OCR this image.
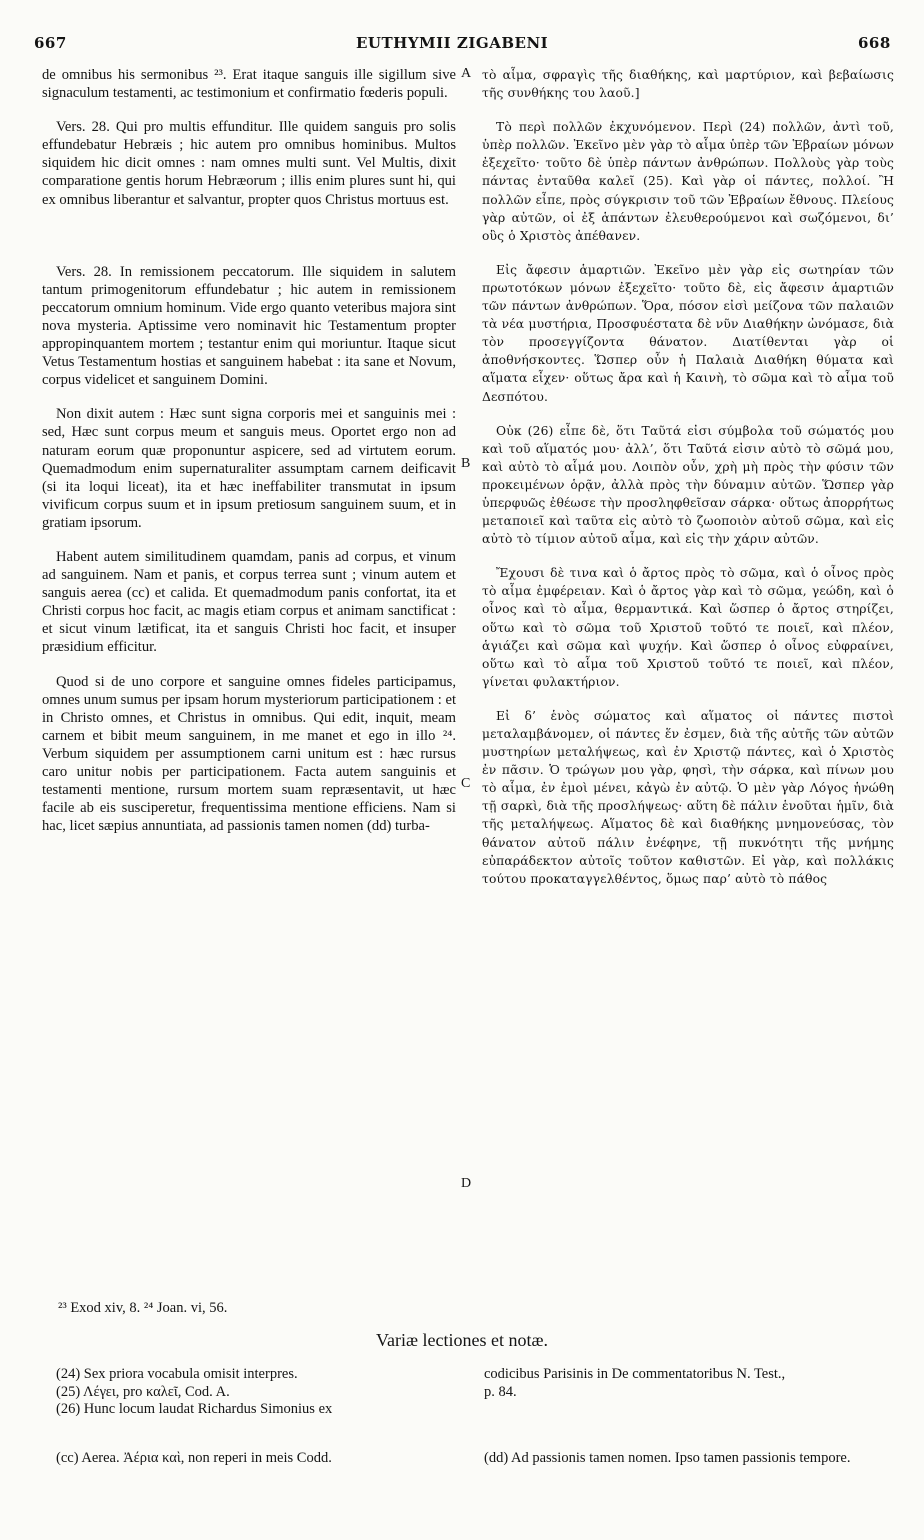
667	EUTHYMII ZIGABENI	668
A
B
C
D

de omnibus his sermonibus ²³. Erat itaque sanguis ille sigillum sive signaculum testamenti, ac testimonium et confirmatio fœderis populi.

Vers. 28. Qui pro multis effunditur. Ille quidem sanguis pro solis effundebatur Hebræis ; hic autem pro omnibus hominibus. Multos siquidem hic dicit omnes : nam omnes multi sunt. Vel Multis, dixit comparatione gentis horum Hebræorum ; illis enim plures sunt hi, qui ex omnibus liberantur et salvantur, propter quos Christus mortuus est.

Vers. 28. In remissionem peccatorum. Ille siquidem in salutem tantum primogenitorum effundebatur ; hic autem in remissionem peccatorum omnium hominum. Vide ergo quanto veteribus majora sint nova mysteria. Aptissime vero nominavit hic Testamentum propter appropinquantem mortem ; testantur enim qui moriuntur. Itaque sicut Vetus Testamentum hostias et sanguinem habebat : ita sane et Novum, corpus videlicet et sanguinem Domini.

Non dixit autem : Hæc sunt signa corporis mei et sanguinis mei : sed, Hæc sunt corpus meum et sanguis meus. Oportet ergo non ad naturam eorum quæ proponuntur aspicere, sed ad virtutem eorum. Quemadmodum enim supernaturaliter assumptam carnem deificavit (si ita loqui liceat), ita et hæc ineffabiliter transmutat in ipsum vivificum corpus suum et in ipsum pretiosum sanguinem suum, et in gratiam ipsorum.

Habent autem similitudinem quamdam, panis ad corpus, et vinum ad sanguinem. Nam et panis, et corpus terrea sunt ; vinum autem et sanguis aerea (cc) et calida. Et quemadmodum panis confortat, ita et Christi corpus hoc facit, ac magis etiam corpus et animam sanctificat : et sicut vinum lætificat, ita et sanguis Christi hoc facit, et insuper præsidium efficitur.

Quod si de uno corpore et sanguine omnes fideles participamus, omnes unum sumus per ipsam horum mysteriorum participationem : et in Christo omnes, et Christus in omnibus. Qui edit, inquit, meam carnem et bibit meum sanguinem, in me manet et ego in illo ²⁴. Verbum siquidem per assumptionem carni unitum est : hæc rursus caro unitur nobis per participationem. Facta autem sanguinis et testamenti mentione, rursum mortem suam repræsentavit, ut hæc facile ab eis susciperetur, frequentissima mentione efficiens. Nam si hac, licet sæpius annuntiata, ad passionis tamen nomen (dd) turba-

τὸ αἷμα, σφραγὶς τῆς διαθήκης, καὶ μαρτύριον, καὶ βεβαίωσις τῆς συνθήκης του λαοῦ.]

Τὸ περὶ πολλῶν ἐκχυνόμενον. Περὶ (24) πολλῶν, ἀντὶ τοῦ, ὑπὲρ πολλῶν. Ἐκεῖνο μὲν γὰρ τὸ αἷμα ὑπὲρ τῶν Ἑβραίων μόνων ἐξεχεῖτο· τοῦτο δὲ ὑπὲρ πάντων ἀνθρώπων. Πολλοὺς γὰρ τοὺς πάντας ἐνταῦθα καλεῖ (25). Καὶ γὰρ οἱ πάντες, πολλοί. Ἢ πολλῶν εἶπε, πρὸς σύγκρισιν τοῦ τῶν Ἑβραίων ἔθνους. Πλείους γὰρ αὐτῶν, οἱ ἐξ ἁπάντων ἐλευθερούμενοι καὶ σωζόμενοι, δι’ οὓς ὁ Χριστὸς ἀπέθανεν.

Εἰς ἄφεσιν ἁμαρτιῶν. Ἐκεῖνο μὲν γὰρ εἰς σωτηρίαν τῶν πρωτοτόκων μόνων ἐξεχεῖτο· τοῦτο δὲ, εἰς ἄφεσιν ἁμαρτιῶν τῶν πάντων ἀνθρώπων. Ὅρα, πόσον εἰσὶ μείζονα τῶν παλαιῶν τὰ νέα μυστήρια, Προσφυέστατα δὲ νῦν Διαθήκην ὠνόμασε, διὰ τὸν προσεγγίζοντα θάνατον. Διατίθενται γὰρ οἱ ἀποθνήσκοντες. Ὥσπερ οὖν ἡ Παλαιὰ Διαθήκη θύματα καὶ αἵματα εἶχεν· οὕτως ἄρα καὶ ἡ Καινὴ, τὸ σῶμα καὶ τὸ αἷμα τοῦ Δεσπότου.

Οὐκ (26) εἶπε δὲ, ὅτι Ταῦτά εἰσι σύμβολα τοῦ σώματός μου καὶ τοῦ αἵματός μου· ἀλλ’, ὅτι Ταῦτά εἰσιν αὐτὸ τὸ σῶμά μου, καὶ αὐτὸ τὸ αἷμά μου. Λοιπὸν οὖν, χρὴ μὴ πρὸς τὴν φύσιν τῶν προκειμένων ὁρᾷν, ἀλλὰ πρὸς τὴν δύναμιν αὐτῶν. Ὥσπερ γὰρ ὑπερφυῶς ἐθέωσε τὴν προσληφθεῖσαν σάρκα· οὕτως ἀπορρήτως μεταποιεῖ καὶ ταῦτα εἰς αὐτὸ τὸ ζωοποιὸν αὐτοῦ σῶμα, καὶ εἰς αὐτὸ τὸ τίμιον αὐτοῦ αἷμα, καὶ εἰς τὴν χάριν αὐτῶν.

Ἔχουσι δὲ τινα καὶ ὁ ἄρτος πρὸς τὸ σῶμα, καὶ ὁ οἶνος πρὸς τὸ αἷμα ἐμφέρειαν. Καὶ ὁ ἄρτος γὰρ καὶ τὸ σῶμα, γεώδη, καὶ ὁ οἶνος καὶ τὸ αἷμα, θερμαντικά. Καὶ ὥσπερ ὁ ἄρτος στηρίζει, οὕτω καὶ τὸ σῶμα τοῦ Χριστοῦ τοῦτό τε ποιεῖ, καὶ πλέον, ἁγιάζει καὶ σῶμα καὶ ψυχήν. Καὶ ὥσπερ ὁ οἶνος εὐφραίνει, οὕτω καὶ τὸ αἷμα τοῦ Χριστοῦ τοῦτό τε ποιεῖ, καὶ πλέον, γίνεται φυλακτήριον.

Εἰ δ’ ἑνὸς σώματος καὶ αἵματος οἱ πάντες πιστοὶ μεταλαμβάνομεν, οἱ πάντες ἕν ἐσμεν, διὰ τῆς αὐτῆς τῶν αὐτῶν μυστηρίων μεταλήψεως, καὶ ἐν Χριστῷ πάντες, καὶ ὁ Χριστὸς ἐν πᾶσιν. Ὁ τρώγων μου γὰρ, φησὶ, τὴν σάρκα, καὶ πίνων μου τὸ αἷμα, ἐν ἐμοὶ μένει, κἀγὼ ἐν αὐτῷ. Ὁ μὲν γὰρ Λόγος ἡνώθη τῇ σαρκὶ, διὰ τῆς προσλήψεως· αὕτη δὲ πάλιν ἑνοῦται ἡμῖν, διὰ τῆς μεταλήψεως. Αἵματος δὲ καὶ διαθήκης μνημονεύσας, τὸν θάνατον αὐτοῦ πάλιν ἐνέφηνε, τῇ πυκνότητι τῆς μνήμης εὐπαράδεκτον αὐτοῖς τοῦτον καθιστῶν. Εἰ γὰρ, καὶ πολλάκις τούτου προκαταγγελθέντος, ὅμως παρ’ αὐτὸ τὸ πάθος

²³ Exod xiv, 8. ²⁴ Joan. vi, 56.
Variæ lectiones et notæ.
(24) Sex priora vocabula omisit interpres.
(25) Λέγει, pro καλεῖ, Cod. A.
(26) Hunc locum laudat Richardus Simonius ex
codicibus Parisinis in De commentatoribus N. Test.,
p. 84.
(cc) Aerea. Ἀέρια καὶ, non reperi in meis Codd.	(dd) Ad passionis tamen nomen. Ipso tamen passionis tempore.
